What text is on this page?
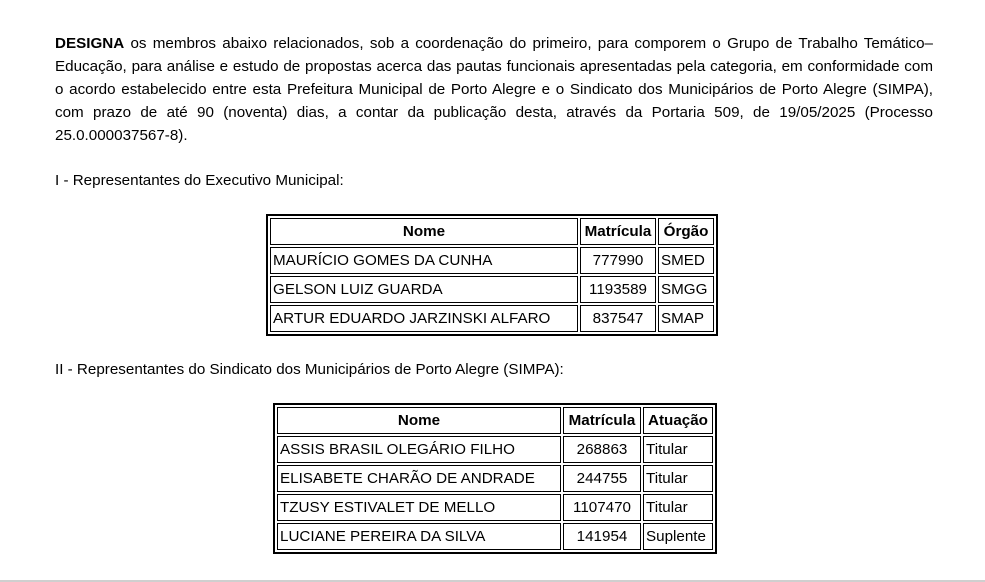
DESIGNA os membros abaixo relacionados, sob a coordenação do primeiro, para comporem o Grupo de Trabalho Temático–Educação, para análise e estudo de propostas acerca das pautas funcionais apresentadas pela categoria, em conformidade com o acordo estabelecido entre esta Prefeitura Municipal de Porto Alegre e o Sindicato dos Municipários de Porto Alegre (SIMPA), com prazo de até 90 (noventa) dias, a contar da publicação desta, através da Portaria 509, de 19/05/2025 (Processo 25.0.000037567-8).

I - Representantes do Executivo Municipal:

Nome	Matrícula	Órgão
MAURÍCIO GOMES DA CUNHA	777990	SMED
GELSON LUIZ GUARDA	1193589	SMGG
ARTUR EDUARDO JARZINSKI ALFARO	837547	SMAP

II - Representantes do Sindicato dos Municipários de Porto Alegre (SIMPA):

Nome	Matrícula	Atuação
ASSIS BRASIL OLEGÁRIO FILHO	268863	Titular
ELISABETE CHARÃO DE ANDRADE	244755	Titular
TZUSY ESTIVALET DE MELLO	1107470	Titular
LUCIANE PEREIRA DA SILVA	141954	Suplente
